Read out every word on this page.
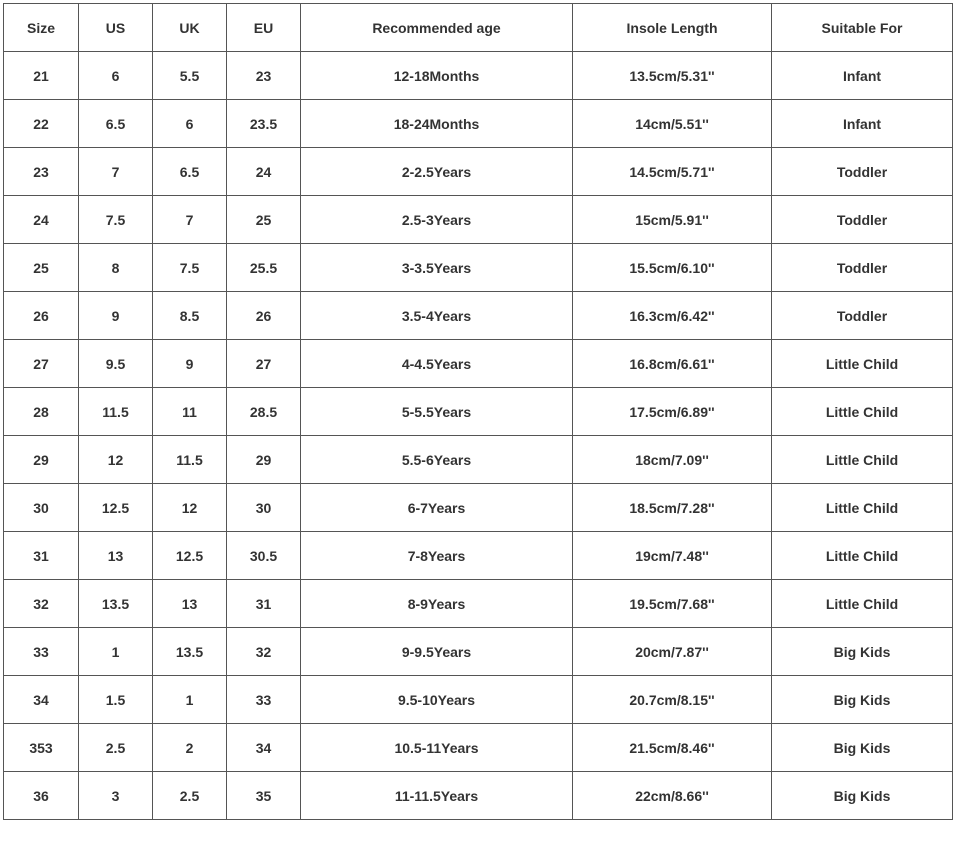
Size	US	UK	EU	Recommended age	Insole Length	Suitable For
21	6	5.5	23	12-18Months	13.5cm/5.31''	Infant
22	6.5	6	23.5	18-24Months	14cm/5.51''	Infant
23	7	6.5	24	2-2.5Years	14.5cm/5.71''	Toddler
24	7.5	7	25	2.5-3Years	15cm/5.91''	Toddler
25	8	7.5	25.5	3-3.5Years	15.5cm/6.10''	Toddler
26	9	8.5	26	3.5-4Years	16.3cm/6.42''	Toddler
27	9.5	9	27	4-4.5Years	16.8cm/6.61''	Little Child
28	11.5	11	28.5	5-5.5Years	17.5cm/6.89''	Little Child
29	12	11.5	29	5.5-6Years	18cm/7.09''	Little Child
30	12.5	12	30	6-7Years	18.5cm/7.28''	Little Child
31	13	12.5	30.5	7-8Years	19cm/7.48''	Little Child
32	13.5	13	31	8-9Years	19.5cm/7.68''	Little Child
33	1	13.5	32	9-9.5Years	20cm/7.87''	Big Kids
34	1.5	1	33	9.5-10Years	20.7cm/8.15''	Big Kids
353	2.5	2	34	10.5-11Years	21.5cm/8.46''	Big Kids
36	3	2.5	35	11-11.5Years	22cm/8.66''	Big Kids
